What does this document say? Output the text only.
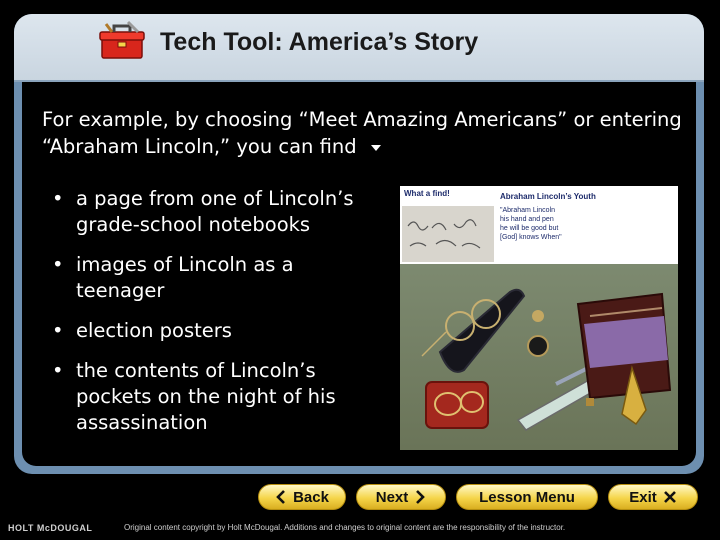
Tech Tool: America’s Story
For example, by choosing “Meet Amazing Americans” or entering “Abraham Lincoln,” you can find
• a page from one of Lincoln’s grade-school notebooks
• images of Lincoln as a teenager
• election posters
• the contents of Lincoln’s pockets on the night of his assassination
What a find!	Abraham Lincoln’s Youth
"Abraham Lincoln
his hand and pen
he will be good but
[God] knows When"
Back	Next	Lesson Menu	Exit
HOLT McDOUGAL	Original content copyright by Holt McDougal. Additions and changes to original content are the responsibility of the instructor.
